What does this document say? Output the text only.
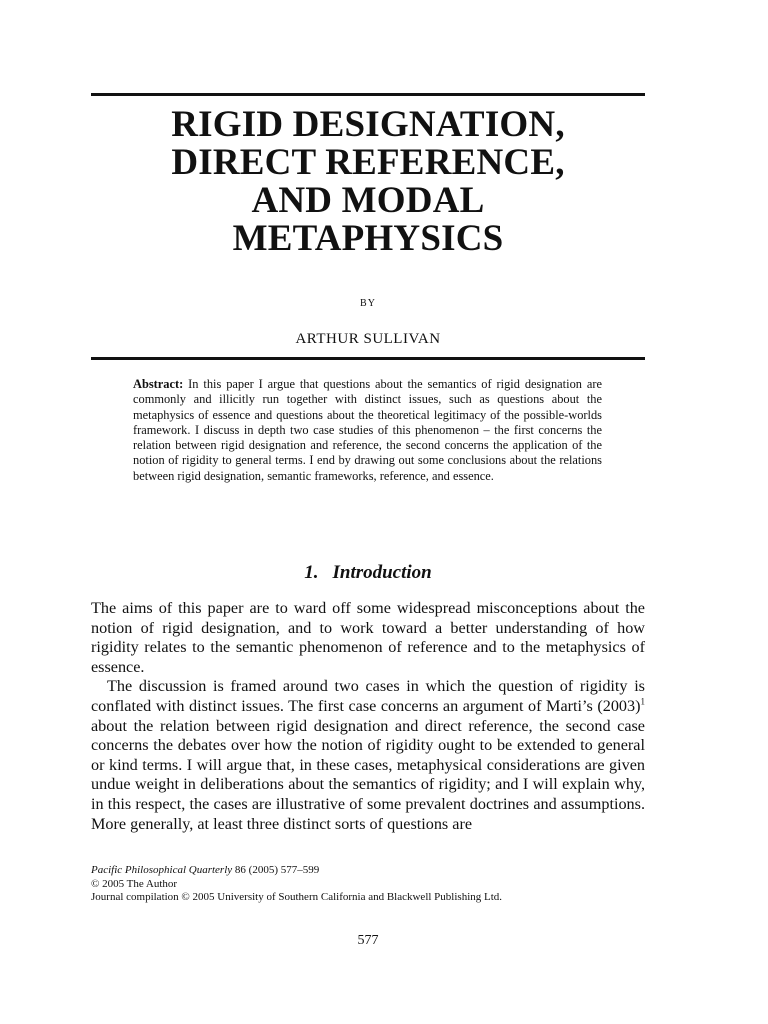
RIGID DESIGNATION,
DIRECT REFERENCE,
AND MODAL
METAPHYSICS
BY
ARTHUR SULLIVAN
Abstract: In this paper I argue that questions about the semantics of rigid designation are commonly and illicitly run together with distinct issues, such as questions about the metaphysics of essence and questions about the theoretical legitimacy of the possible-worlds framework. I discuss in depth two case studies of this phenomenon – the first concerns the relation between rigid designation and reference, the second concerns the application of the notion of rigidity to general terms. I end by drawing out some conclusions about the relations between rigid designation, semantic frameworks, reference, and essence.
1. Introduction

The aims of this paper are to ward off some widespread misconceptions about the notion of rigid designation, and to work toward a better understanding of how rigidity relates to the semantic phenomenon of reference and to the metaphysics of essence.

The discussion is framed around two cases in which the question of rigidity is conflated with distinct issues. The first case concerns an argument of Marti’s $(2003)^1$ about the relation between rigid designation and direct reference, the second case concerns the debates over how the notion of rigidity ought to be extended to general or kind terms. I will argue that, in these cases, metaphysical considerations are given undue weight in deliberations about the semantics of rigidity; and I will explain why, in this respect, the cases are illustrative of some prevalent doctrines and assumptions. More generally, at least three distinct sorts of questions are

Pacific Philosophical Quarterly 86 (2005) 577–599
© 2005 The Author
Journal compilation © 2005 University of Southern California and Blackwell Publishing Ltd.
577
